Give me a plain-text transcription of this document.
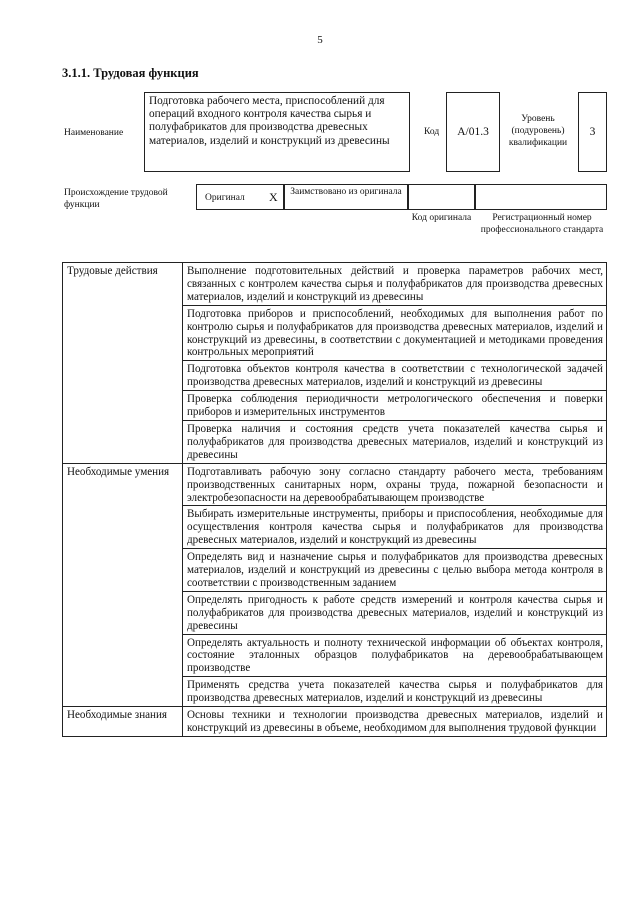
5
3.1.1. Трудовая функция
Наименование
Подготовка рабочего места, приспособлений для операций входного контроля качества сырья и полуфабрикатов для производства древесных материалов, изделий и конструкций из древесины
Код	А/01.3
Уровень (подуровень) квалификации
3
Происхождение трудовой функции
Оригинал X	Заимствовано из оригинала
Код оригинала	Регистрационный номер профессионального стандарта
Трудовые действия	Выполнение подготовительных действий и проверка параметров рабочих мест, связанных с контролем качества сырья и полуфабрикатов для производства древесных материалов, изделий и конструкций из древесины
	Подготовка приборов и приспособлений, необходимых для выполнения работ по контролю сырья и полуфабрикатов для производства древесных материалов, изделий и конструкций из древесины, в соответствии с документацией и методиками проведения контрольных мероприятий
	Подготовка объектов контроля качества в соответствии с технологической задачей производства древесных материалов, изделий и конструкций из древесины
	Проверка соблюдения периодичности метрологического обеспечения и поверки приборов и измерительных инструментов
	Проверка наличия и состояния средств учета показателей качества сырья и полуфабрикатов для производства древесных материалов, изделий и конструкций из древесины
Необходимые умения	Подготавливать рабочую зону согласно стандарту рабочего места, требованиям производственных санитарных норм, охраны труда, пожарной безопасности и электробезопасности на деревообрабатывающем производстве
	Выбирать измерительные инструменты, приборы и приспособления, необходимые для осуществления контроля качества сырья и полуфабрикатов для производства древесных материалов, изделий и конструкций из древесины
	Определять вид и назначение сырья и полуфабрикатов для производства древесных материалов, изделий и конструкций из древесины с целью выбора метода контроля в соответствии с производственным заданием
	Определять пригодность к работе средств измерений и контроля качества сырья и полуфабрикатов для производства древесных материалов, изделий и конструкций из древесины
	Определять актуальность и полноту технической информации об объектах контроля, состояние эталонных образцов полуфабрикатов на деревообрабатывающем производстве
	Применять средства учета показателей качества сырья и полуфабрикатов для производства древесных материалов, изделий и конструкций из древесины
Необходимые знания	Основы техники и технологии производства древесных материалов, изделий и конструкций из древесины в объеме, необходимом для выполнения трудовой функции
